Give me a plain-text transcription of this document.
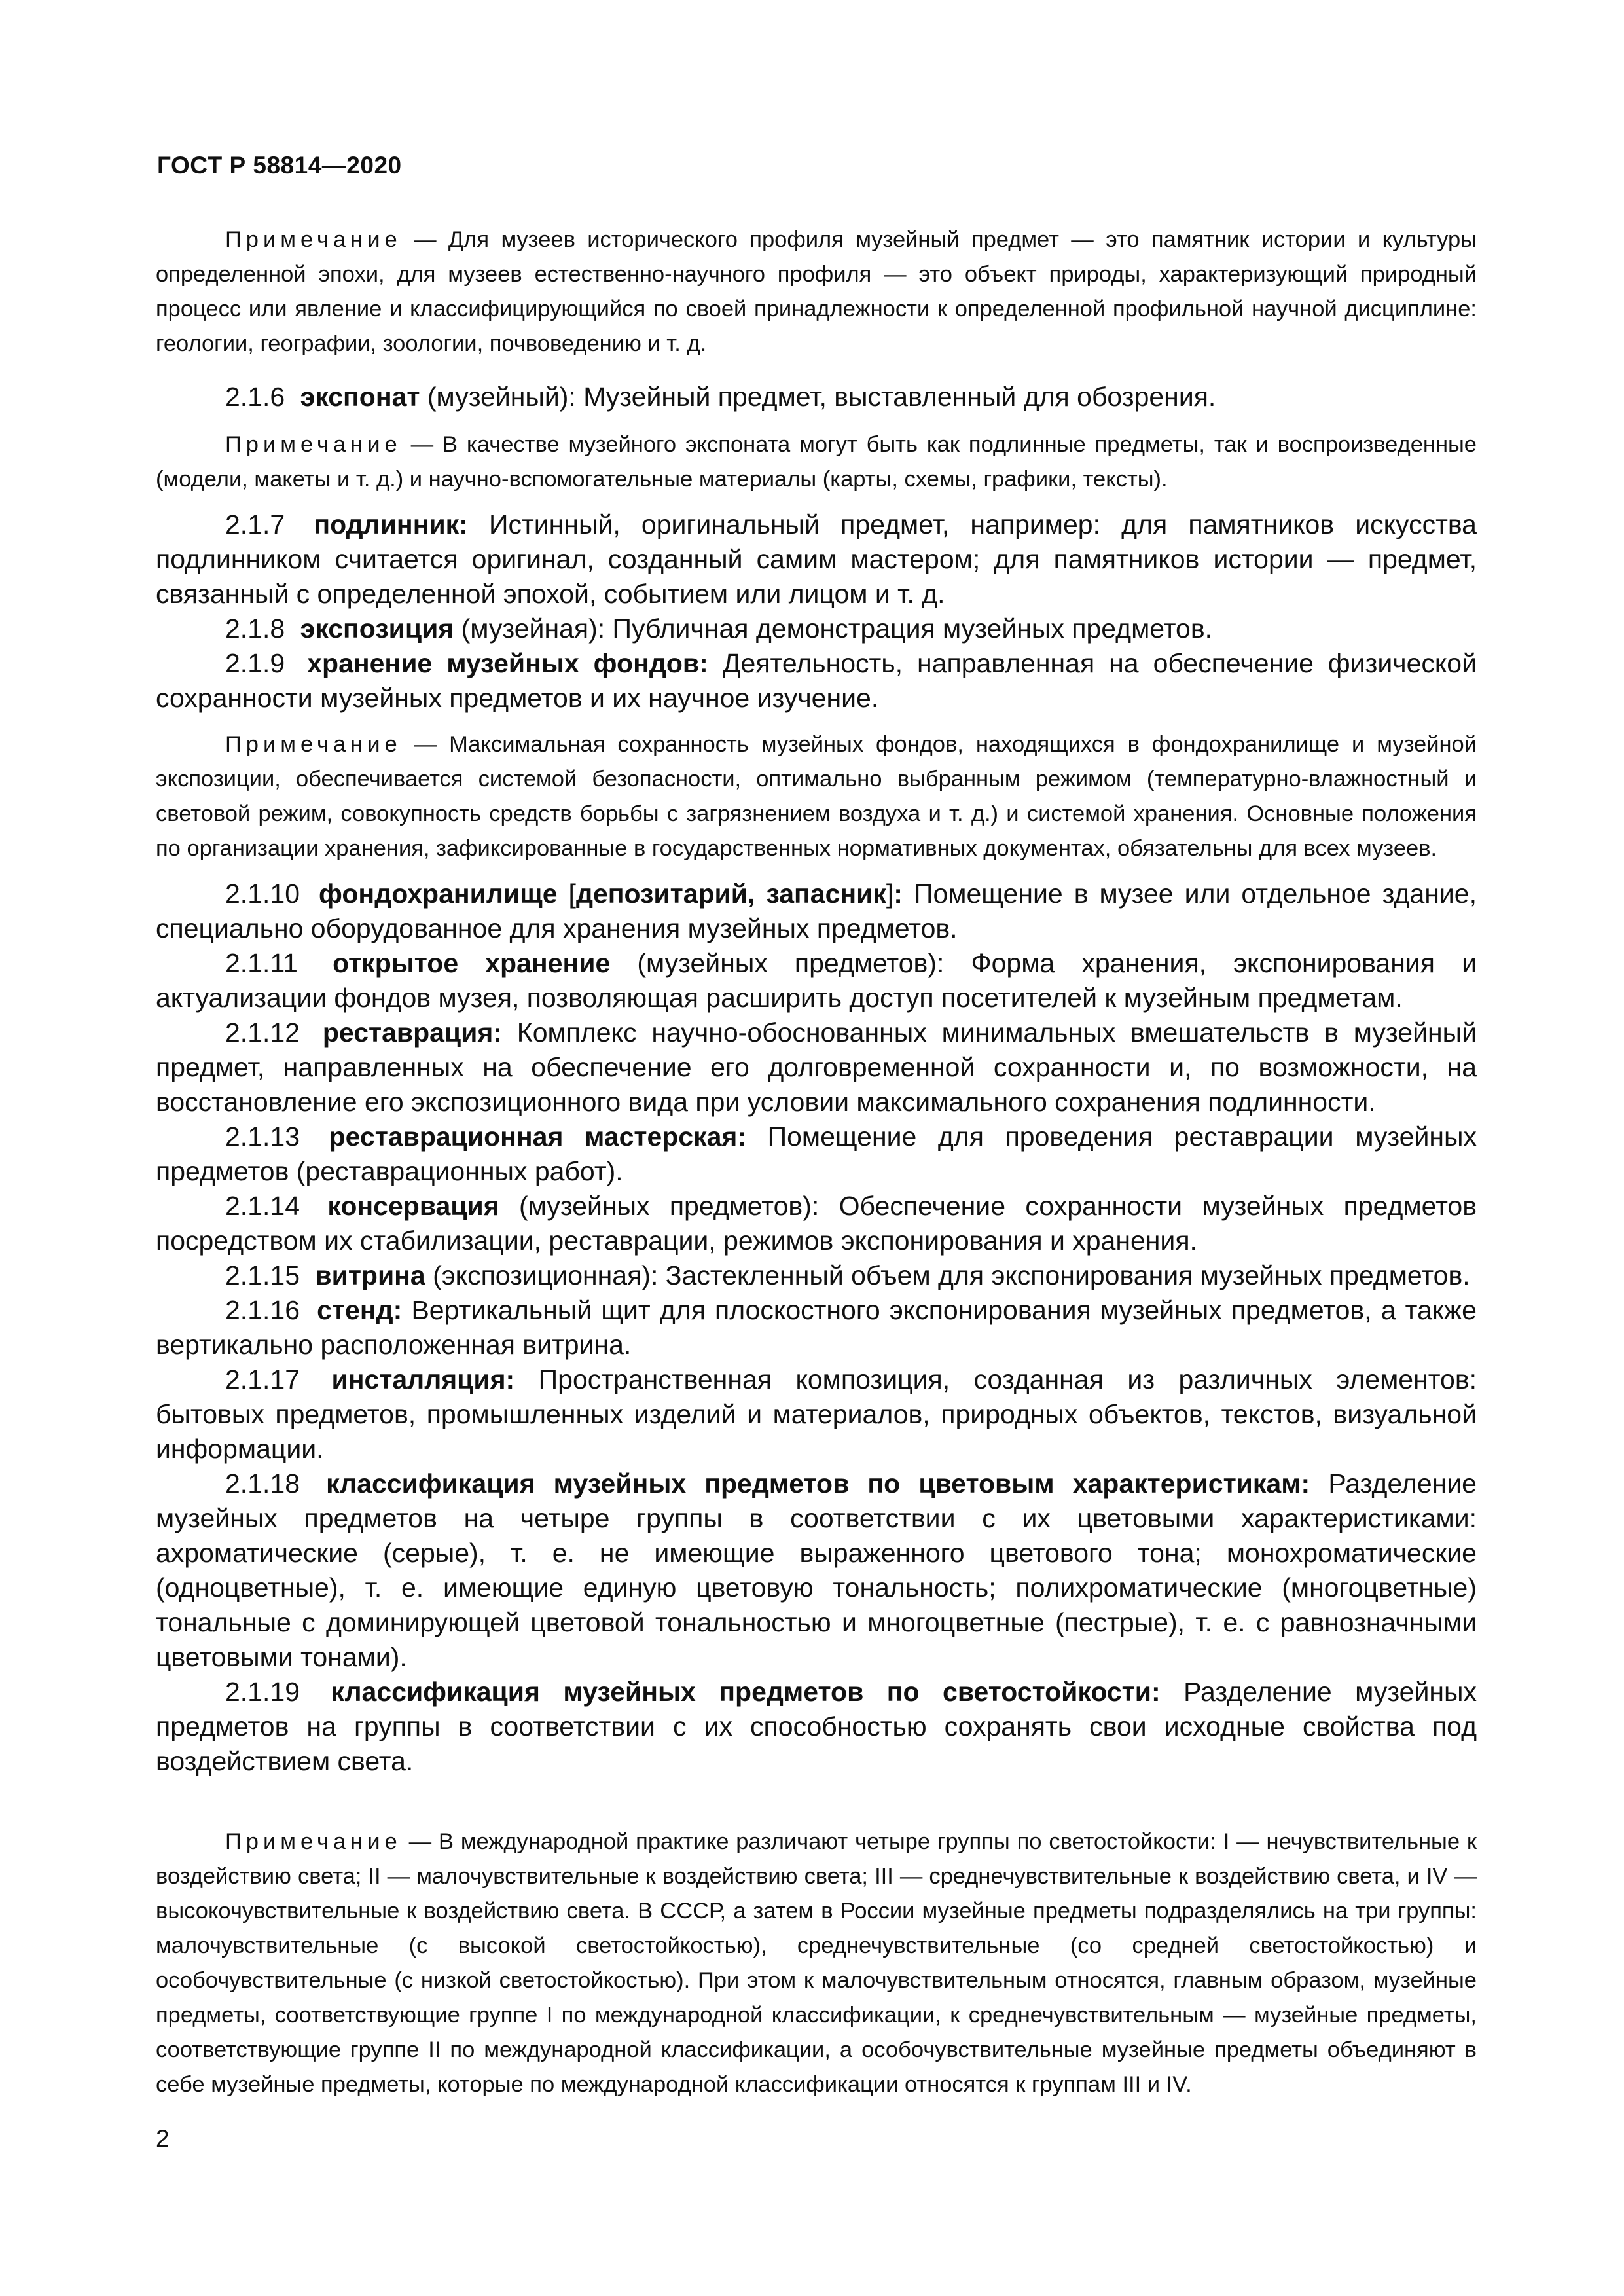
ГОСТ Р 58814—2020

Примечание — Для музеев исторического профиля музейный предмет — это памятник истории и культуры определенной эпохи, для музеев естественно-научного профиля — это объект природы, характеризующий природный процесс или явление и классифицирующийся по своей принадлежности к определенной профильной научной дисциплине: геологии, географии, зоологии, почвоведению и т. д.

2.1.6 экспонат (музейный): Музейный предмет, выставленный для обозрения.

Примечание — В качестве музейного экспоната могут быть как подлинные предметы, так и воспроизведенные (модели, макеты и т. д.) и научно-вспомогательные материалы (карты, схемы, графики, тексты).

2.1.7 подлинник: Истинный, оригинальный предмет, например: для памятников искусства подлинником считается оригинал, созданный самим мастером; для памятников истории — предмет, связанный с определенной эпохой, событием или лицом и т. д.

2.1.8 экспозиция (музейная): Публичная демонстрация музейных предметов.

2.1.9 хранение музейных фондов: Деятельность, направленная на обеспечение физической сохранности музейных предметов и их научное изучение.

Примечание — Максимальная сохранность музейных фондов, находящихся в фондохранилище и музейной экспозиции, обеспечивается системой безопасности, оптимально выбранным режимом (температурно-влажностный и световой режим, совокупность средств борьбы с загрязнением воздуха и т. д.) и системой хранения. Основные положения по организации хранения, зафиксированные в государственных нормативных документах, обязательны для всех музеев.

2.1.10 фондохранилище [депозитарий, запасник]: Помещение в музее или отдельное здание, специально оборудованное для хранения музейных предметов.

2.1.11 открытое хранение (музейных предметов): Форма хранения, экспонирования и актуализации фондов музея, позволяющая расширить доступ посетителей к музейным предметам.

2.1.12 реставрация: Комплекс научно-обоснованных минимальных вмешательств в музейный предмет, направленных на обеспечение его долговременной сохранности и, по возможности, на восстановление его экспозиционного вида при условии максимального сохранения подлинности.

2.1.13 реставрационная мастерская: Помещение для проведения реставрации музейных предметов (реставрационных работ).

2.1.14 консервация (музейных предметов): Обеспечение сохранности музейных предметов посредством их стабилизации, реставрации, режимов экспонирования и хранения.

2.1.15 витрина (экспозиционная): Застекленный объем для экспонирования музейных предметов.

2.1.16 стенд: Вертикальный щит для плоскостного экспонирования музейных предметов, а также вертикально расположенная витрина.

2.1.17 инсталляция: Пространственная композиция, созданная из различных элементов: бытовых предметов, промышленных изделий и материалов, природных объектов, текстов, визуальной информации.

2.1.18 классификация музейных предметов по цветовым характеристикам: Разделение музейных предметов на четыре группы в соответствии с их цветовыми характеристиками: ахроматические (серые), т. е. не имеющие выраженного цветового тона; монохроматические (одноцветные), т. е. имеющие единую цветовую тональность; полихроматические (многоцветные) тональные с доминирующей цветовой тональностью и многоцветные (пестрые), т. е. с равнозначными цветовыми тонами).

2.1.19 классификация музейных предметов по светостойкости: Разделение музейных предметов на группы в соответствии с их способностью сохранять свои исходные свойства под воздействием света.

Примечание — В международной практике различают четыре группы по светостойкости: I — нечувствительные к воздействию света; II — малочувствительные к воздействию света; III — среднечувствительные к воздействию света, и IV — высокочувствительные к воздействию света. В СССР, а затем в России музейные предметы подразделялись на три группы: малочувствительные (с высокой светостойкостью), среднечувствительные (со средней светостойкостью) и особочувствительные (с низкой светостойкостью). При этом к малочувствительным относятся, главным образом, музейные предметы, соответствующие группе I по международной классификации, к среднечувствительным — музейные предметы, соответствующие группе II по международной классификации, а особочувствительные музейные предметы объединяют в себе музейные предметы, которые по международной классификации относятся к группам III и IV.

2
